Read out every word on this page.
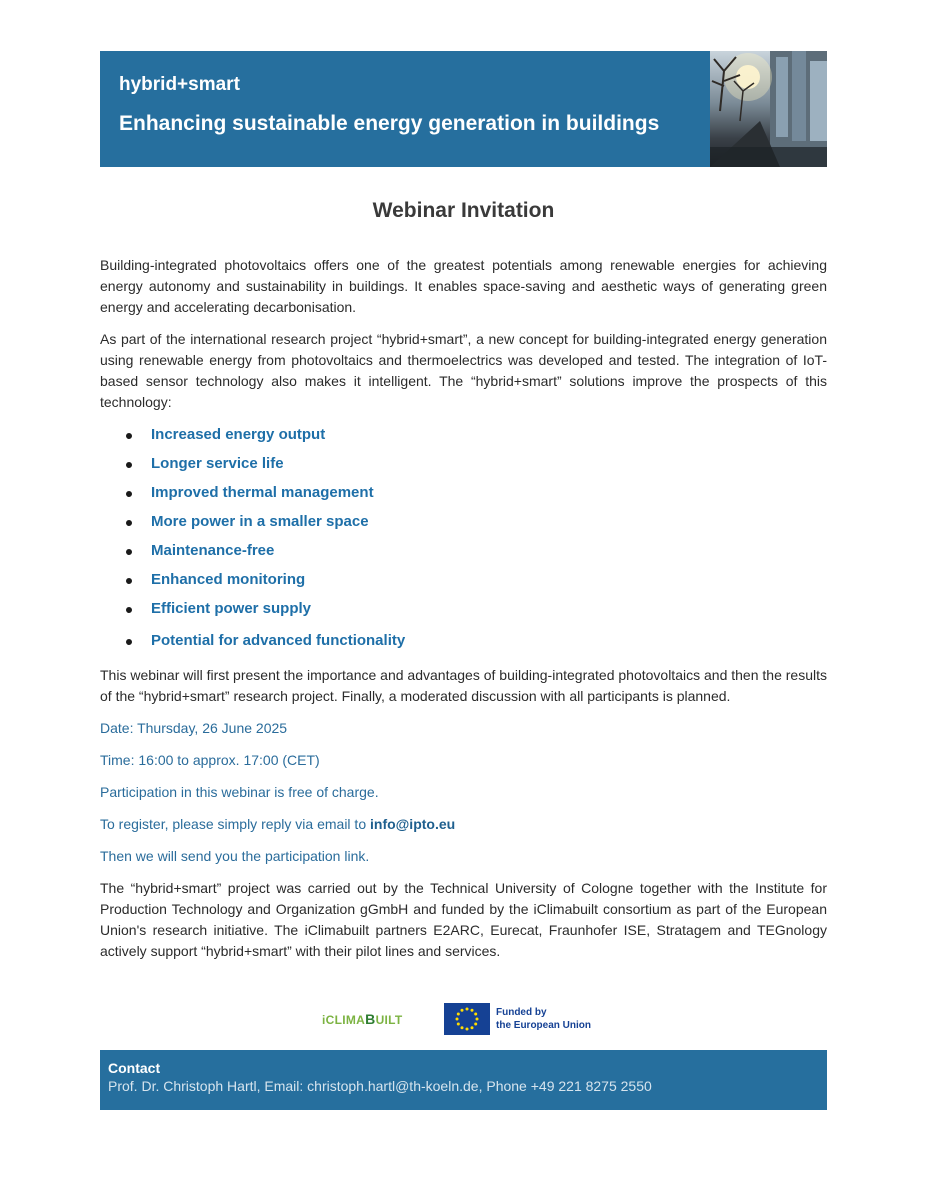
hybrid+smart
Enhancing sustainable energy generation in buildings
Webinar Invitation

Building-integrated photovoltaics offers one of the greatest potentials among renewable energies for achieving energy autonomy and sustainability in buildings. It enables space-saving and aesthetic ways of generating green energy and accelerating decarbonisation.

As part of the international research project “hybrid+smart”, a new concept for building-integrated energy generation using renewable energy from photovoltaics and thermoelectrics was developed and tested. The integration of IoT-based sensor technology also makes it intelligent. The “hybrid+smart” solutions improve the prospects of this technology:

Increased energy output
Longer service life
Improved thermal management
More power in a smaller space
Maintenance-free
Enhanced monitoring
Efficient power supply
Potential for advanced functionality

This webinar will first present the importance and advantages of building-integrated photovoltaics and then the results of the “hybrid+smart” research project. Finally, a moderated discussion with all participants is planned.

Date: Thursday, 26 June 2025

Time: 16:00 to approx. 17:00 (CET)

Participation in this webinar is free of charge.

To register, please simply reply via email to info@ipto.eu

Then we will send you the participation link.

The “hybrid+smart” project was carried out by the Technical University of Cologne together with the Institute for Production Technology and Organization gGmbH and funded by the iClimabuilt consortium as part of the European Union's research initiative. The iClimabuilt partners E2ARC, Eurecat, Fraunhofer ISE, Stratagem and TEGnology actively support “hybrid+smart” with their pilot lines and services.

iCLIMABUILT
Funded by
the European Union
Contact
Prof. Dr. Christoph Hartl, Email: christoph.hartl@th-koeln.de, Phone +49 221 8275 2550
